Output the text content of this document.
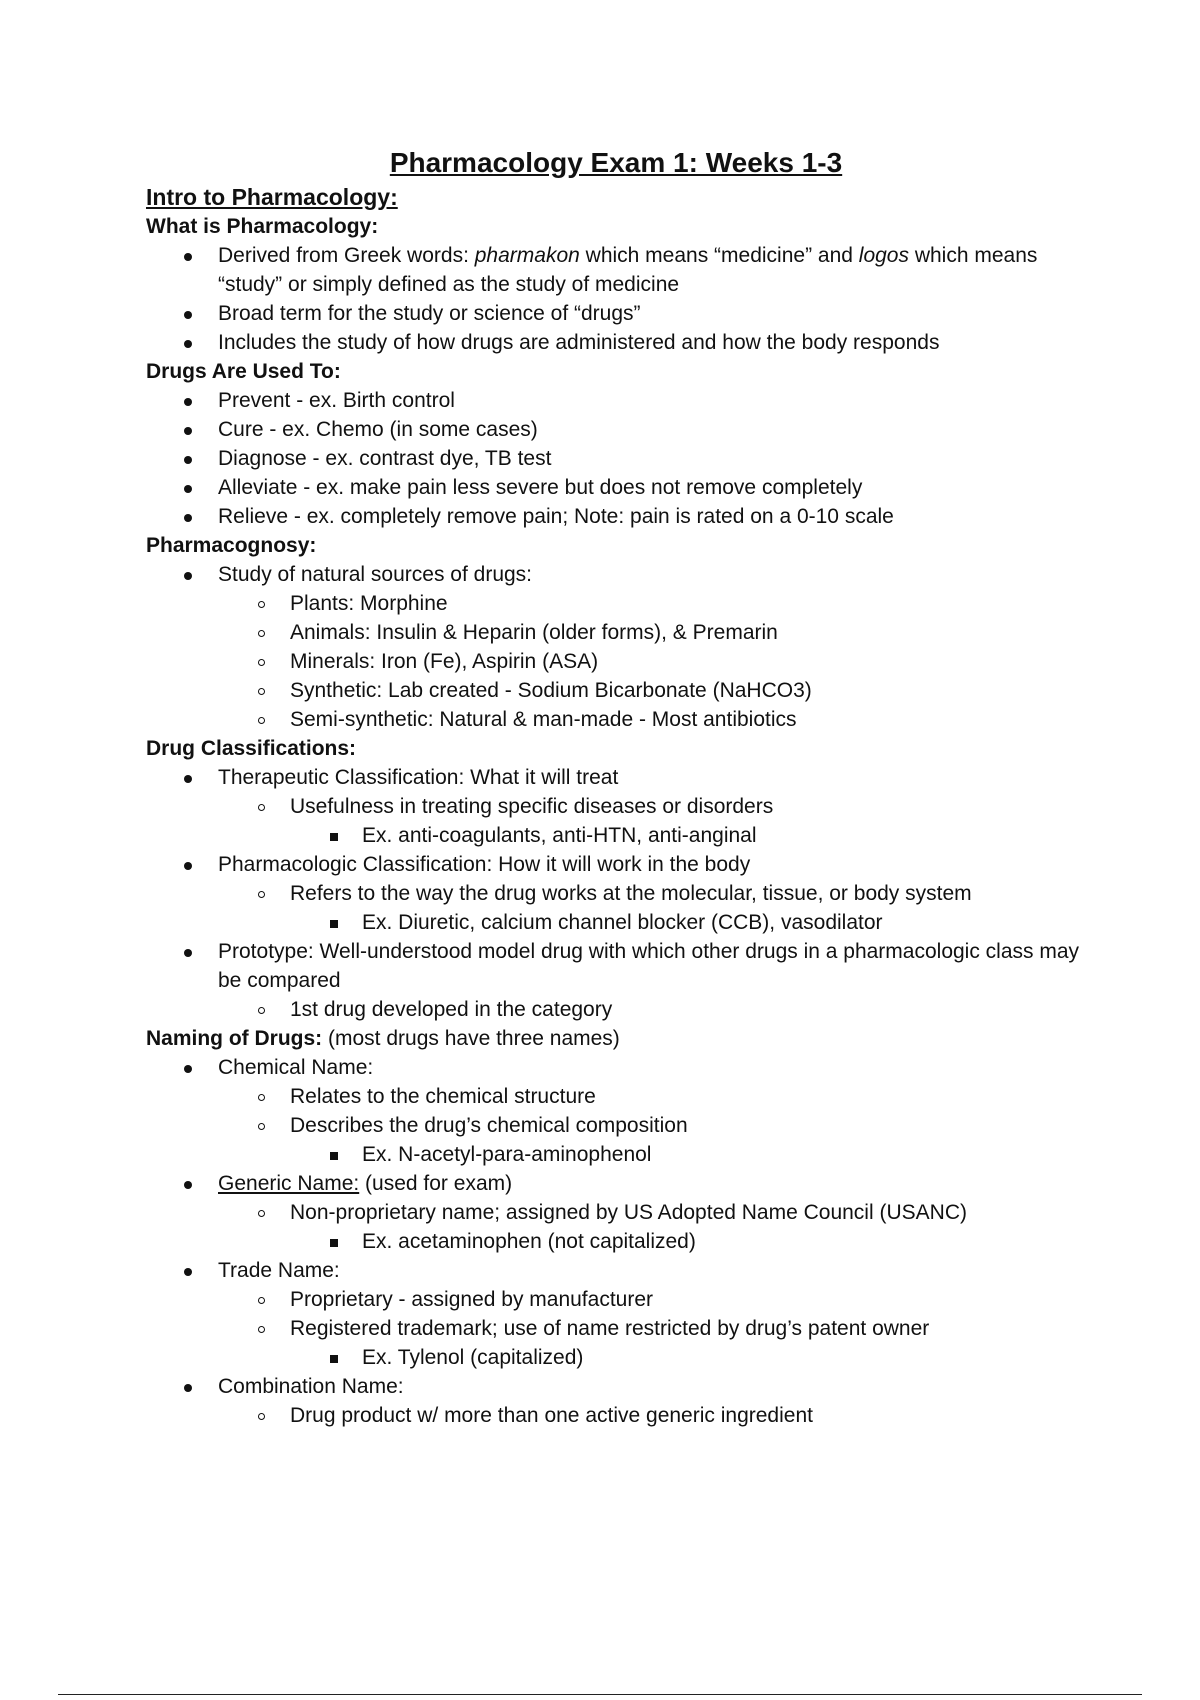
Pharmacology Exam 1: Weeks 1-3
Intro to Pharmacology:
What is Pharmacology:
Derived from Greek words: pharmakon which means “medicine” and logos which means “study” or simply defined as the study of medicine
Broad term for the study or science of “drugs”
Includes the study of how drugs are administered and how the body responds
Drugs Are Used To:
Prevent - ex. Birth control
Cure - ex. Chemo (in some cases)
Diagnose - ex. contrast dye, TB test
Alleviate - ex. make pain less severe but does not remove completely
Relieve - ex. completely remove pain; Note: pain is rated on a 0-10 scale
Pharmacognosy:
Study of natural sources of drugs:
Plants: Morphine
Animals: Insulin & Heparin (older forms), & Premarin
Minerals: Iron (Fe), Aspirin (ASA)
Synthetic: Lab created - Sodium Bicarbonate (NaHCO3)
Semi-synthetic: Natural & man-made - Most antibiotics
Drug Classifications:
Therapeutic Classification: What it will treat
Usefulness in treating specific diseases or disorders
Ex. anti-coagulants, anti-HTN, anti-anginal
Pharmacologic Classification: How it will work in the body
Refers to the way the drug works at the molecular, tissue, or body system
Ex. Diuretic, calcium channel blocker (CCB), vasodilator
Prototype: Well-understood model drug with which other drugs in a pharmacologic class may be compared
1st drug developed in the category
Naming of Drugs: (most drugs have three names)
Chemical Name:
Relates to the chemical structure
Describes the drug’s chemical composition
Ex. N-acetyl-para-aminophenol
Generic Name: (used for exam)
Non-proprietary name; assigned by US Adopted Name Council (USANC)
Ex. acetaminophen (not capitalized)
Trade Name:
Proprietary - assigned by manufacturer
Registered trademark; use of name restricted by drug’s patent owner
Ex. Tylenol (capitalized)
Combination Name:
Drug product w/ more than one active generic ingredient
